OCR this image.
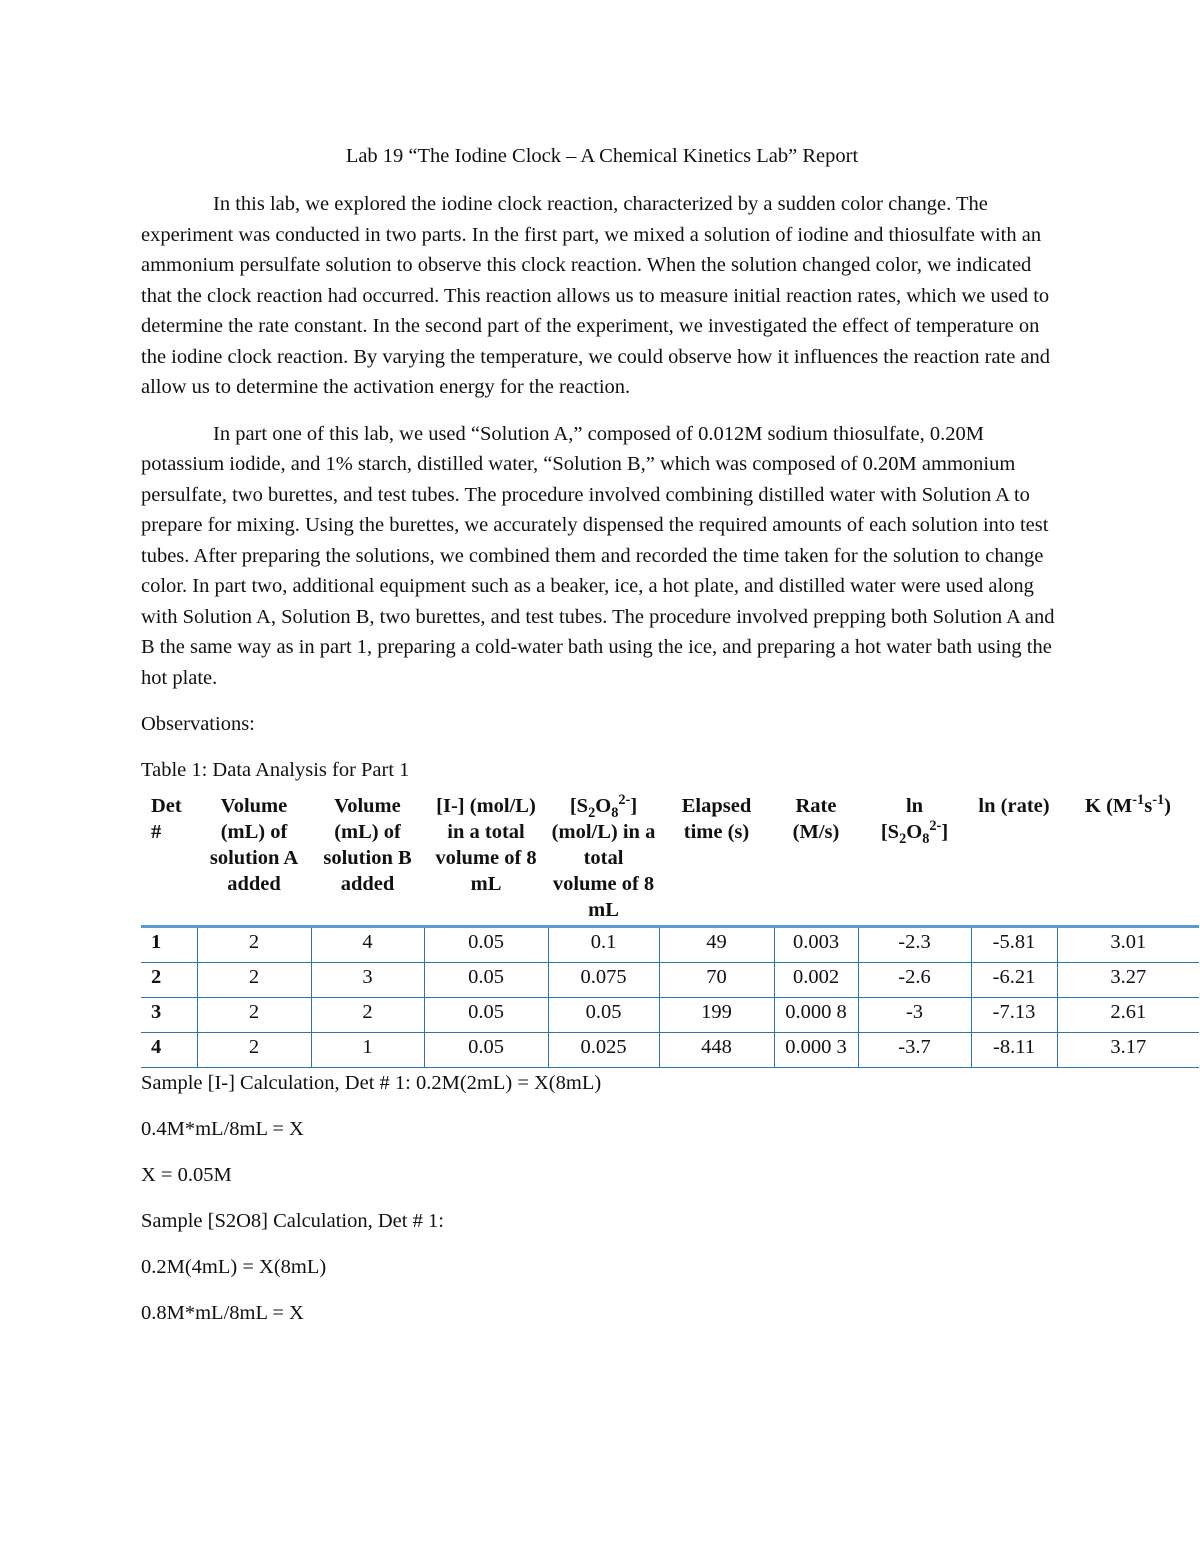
Lab 19 “The Iodine Clock – A Chemical Kinetics Lab” Report

In this lab, we explored the iodine clock reaction, characterized by a sudden color change. The experiment was conducted in two parts. In the first part, we mixed a solution of iodine and thiosulfate with an ammonium persulfate solution to observe this clock reaction. When the solution changed color, we indicated that the clock reaction had occurred. This reaction allows us to measure initial reaction rates, which we used to determine the rate constant. In the second part of the experiment, we investigated the effect of temperature on the iodine clock reaction. By varying the temperature, we could observe how it influences the reaction rate and allow us to determine the activation energy for the reaction.

In part one of this lab, we used “Solution A,” composed of 0.012M sodium thiosulfate, 0.20M potassium iodide, and 1% starch, distilled water, “Solution B,” which was composed of 0.20M ammonium persulfate, two burettes, and test tubes. The procedure involved combining distilled water with Solution A to prepare for mixing. Using the burettes, we accurately dispensed the required amounts of each solution into test tubes. After preparing the solutions, we combined them and recorded the time taken for the solution to change color. In part two, additional equipment such as a beaker, ice, a hot plate, and distilled water were used along with Solution A, Solution B, two burettes, and test tubes. The procedure involved prepping both Solution A and B the same way as in part 1, preparing a cold-water bath using the ice, and preparing a hot water bath using the hot plate.

Observations:

Table 1: Data Analysis for Part 1

Det #	Volume (mL) of solution A added	Volume (mL) of solution B added	[I-] (mol/L) in a total volume of 8 mL	$[S_2O_8^{2-}]$ (mol/L) in a total volume of 8 mL	Elapsed time (s)	Rate (M/s)	ln
$[S_2O_8^{2-}]$	ln (rate)	K $(M^{-1}s^{-1})$
1	2	4	0.05	0.1	49	0.003	-2.3	-5.81	3.01
2	2	3	0.05	0.075	70	0.002	-2.6	-6.21	3.27
3	2	2	0.05	0.05	199	0.000 8	-3	-7.13	2.61
4	2	1	0.05	0.025	448	0.000 3	-3.7	-8.11	3.17

Sample [I-] Calculation, Det # 1: 0.2M(2mL) = X(8mL)

0.4M*mL/8mL = X

X = 0.05M

Sample [S2O8] Calculation, Det # 1:

0.2M(4mL) = X(8mL)

0.8M*mL/8mL = X
